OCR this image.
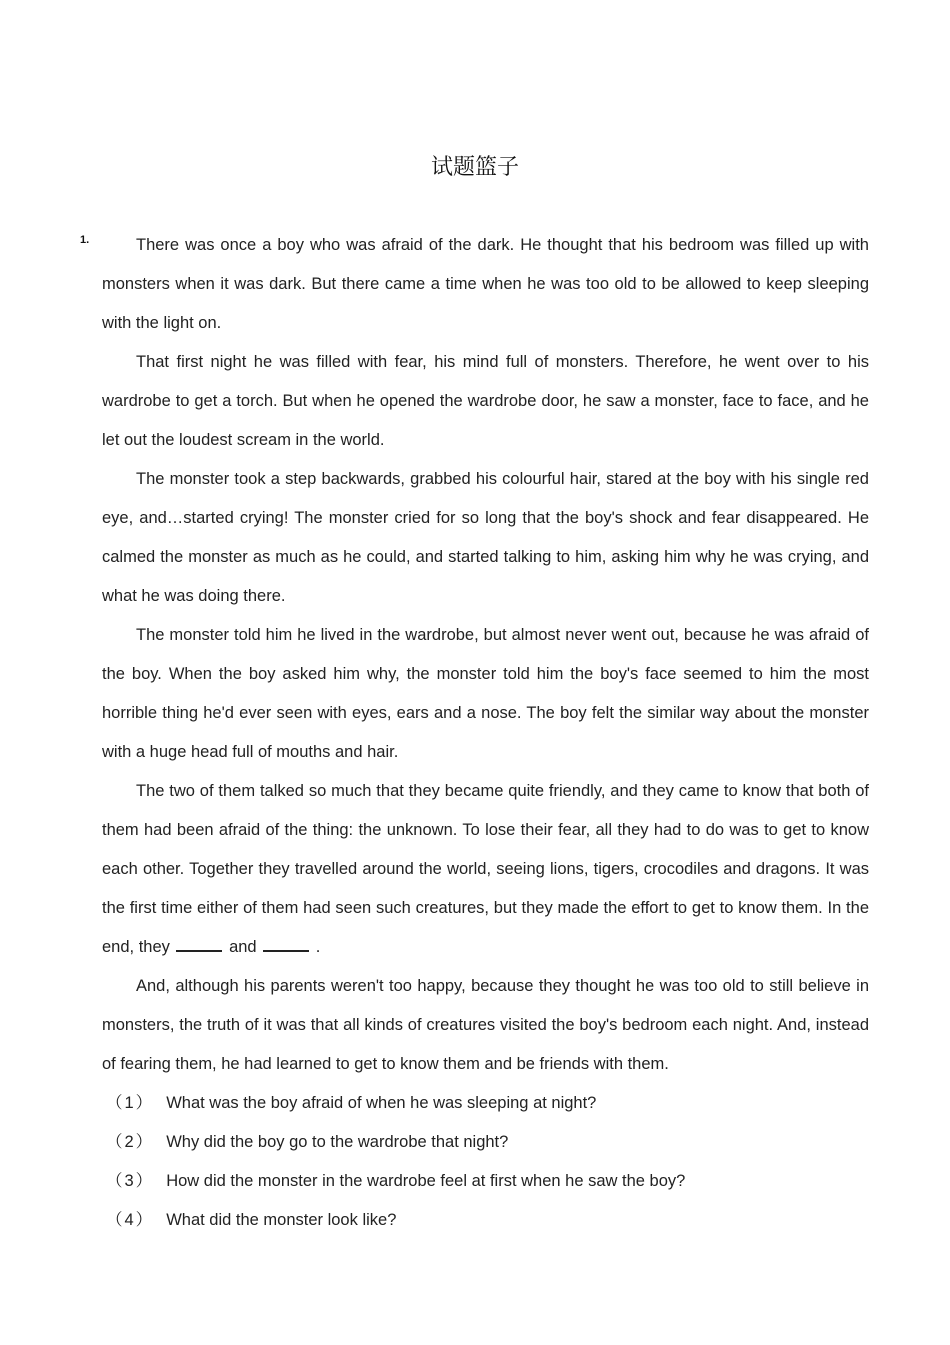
试题篮子
1.	There was once a boy who was afraid of the dark. He thought that his bedroom was filled up with monsters when it was dark. But there came a time when he was too old to be allowed to keep sleeping with the light on.

That first night he was filled with fear, his mind full of monsters. Therefore, he went over to his wardrobe to get a torch. But when he opened the wardrobe door, he saw a monster, face to face, and he let out the loudest scream in the world.

The monster took a step backwards, grabbed his colourful hair, stared at the boy with his single red eye, and…started crying! The monster cried for so long that the boy's shock and fear disappeared. He calmed the monster as much as he could, and started talking to him, asking him why he was crying, and what he was doing there.

The monster told him he lived in the wardrobe, but almost never went out, because he was afraid of the boy. When the boy asked him why, the monster told him the boy's face seemed to him the most horrible thing he'd ever seen with eyes, ears and a nose. The boy felt the similar way about the monster with a huge head full of mouths and hair.

The two of them talked so much that they became quite friendly, and they came to know that both of them had been afraid of the thing: the unknown. To lose their fear, all they had to do was to get to know each other. Together they travelled around the world, seeing lions, tigers, crocodiles and dragons. It was the first time either of them had seen such creatures, but they made the effort to get to know them. In the end, they	and	.

And, although his parents weren't too happy, because they thought he was too old to still believe in monsters, the truth of it was that all kinds of creatures visited the boy's bedroom each night. And, instead of fearing them, he had learned to get to know them and be friends with them.

（1） What was the boy afraid of when he was sleeping at night?
（2） Why did the boy go to the wardrobe that night?
（3） How did the monster in the wardrobe feel at first when he saw the boy?
（4） What did the monster look like?
